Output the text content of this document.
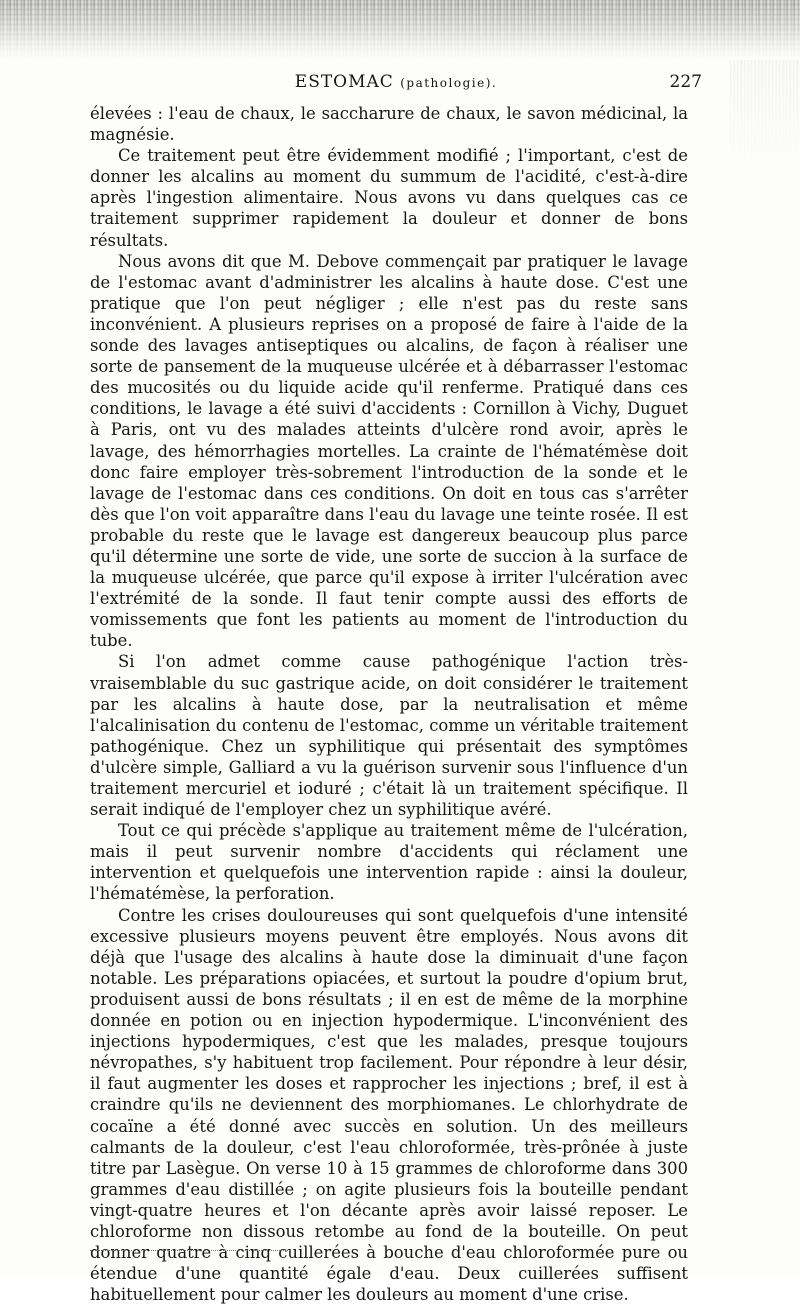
ESTOMAC (pathologie).	227

élevées : l'eau de chaux, le saccharure de chaux, le savon médicinal, la magnésie.

Ce traitement peut être évidemment modifié ; l'important, c'est de donner les alcalins au moment du summum de l'acidité, c'est-à-dire après l'ingestion alimentaire. Nous avons vu dans quelques cas ce traitement supprimer rapidement la douleur et donner de bons résultats.

Nous avons dit que M. Debove commençait par pratiquer le lavage de l'estomac avant d'administrer les alcalins à haute dose. C'est une pratique que l'on peut négliger ; elle n'est pas du reste sans inconvénient. A plusieurs reprises on a proposé de faire à l'aide de la sonde des lavages antiseptiques ou alcalins, de façon à réaliser une sorte de pansement de la muqueuse ulcérée et à débarrasser l'estomac des mucosités ou du liquide acide qu'il renferme. Pratiqué dans ces conditions, le lavage a été suivi d'accidents : Cornillon à Vichy, Duguet à Paris, ont vu des malades atteints d'ulcère rond avoir, après le lavage, des hémorrhagies mortelles. La crainte de l'hématémèse doit donc faire employer très-sobrement l'introduction de la sonde et le lavage de l'estomac dans ces conditions. On doit en tous cas s'arrêter dès que l'on voit apparaître dans l'eau du lavage une teinte rosée. Il est probable du reste que le lavage est dangereux beaucoup plus parce qu'il détermine une sorte de vide, une sorte de succion à la surface de la muqueuse ulcérée, que parce qu'il expose à irriter l'ulcération avec l'extrémité de la sonde. Il faut tenir compte aussi des efforts de vomissements que font les patients au moment de l'introduction du tube.

Si l'on admet comme cause pathogénique l'action très-vraisemblable du suc gastrique acide, on doit considérer le traitement par les alcalins à haute dose, par la neutralisation et même l'alcalinisation du contenu de l'estomac, comme un véritable traitement pathogénique. Chez un syphilitique qui présentait des symptômes d'ulcère simple, Galliard a vu la guérison survenir sous l'influence d'un traitement mercuriel et ioduré ; c'était là un traitement spécifique. Il serait indiqué de l'employer chez un syphilitique avéré.

Tout ce qui précède s'applique au traitement même de l'ulcération, mais il peut survenir nombre d'accidents qui réclament une intervention et quelquefois une intervention rapide : ainsi la douleur, l'hématémèse, la perforation.

Contre les crises douloureuses qui sont quelquefois d'une intensité excessive plusieurs moyens peuvent être employés. Nous avons dit déjà que l'usage des alcalins à haute dose la diminuait d'une façon notable. Les préparations opiacées, et surtout la poudre d'opium brut, produisent aussi de bons résultats ; il en est de même de la morphine donnée en potion ou en injection hypodermique. L'inconvénient des injections hypodermiques, c'est que les malades, presque toujours névropathes, s'y habituent trop facilement. Pour répondre à leur désir, il faut augmenter les doses et rapprocher les injections ; bref, il est à craindre qu'ils ne deviennent des morphiomanes. Le chlorhydrate de cocaïne a été donné avec succès en solution. Un des meilleurs calmants de la douleur, c'est l'eau chloroformée, très-prônée à juste titre par Lasègue. On verse 10 à 15 grammes de chloroforme dans 300 grammes d'eau distillée ; on agite plusieurs fois la bouteille pendant vingt-quatre heures et l'on décante après avoir laissé reposer. Le chloroforme non dissous retombe au fond de la bouteille. On peut donner quatre à cinq cuillerées à bouche d'eau chloroformée pure ou étendue d'une quantité égale d'eau. Deux cuillerées suffisent habituellement pour calmer les douleurs au moment d'une crise.
